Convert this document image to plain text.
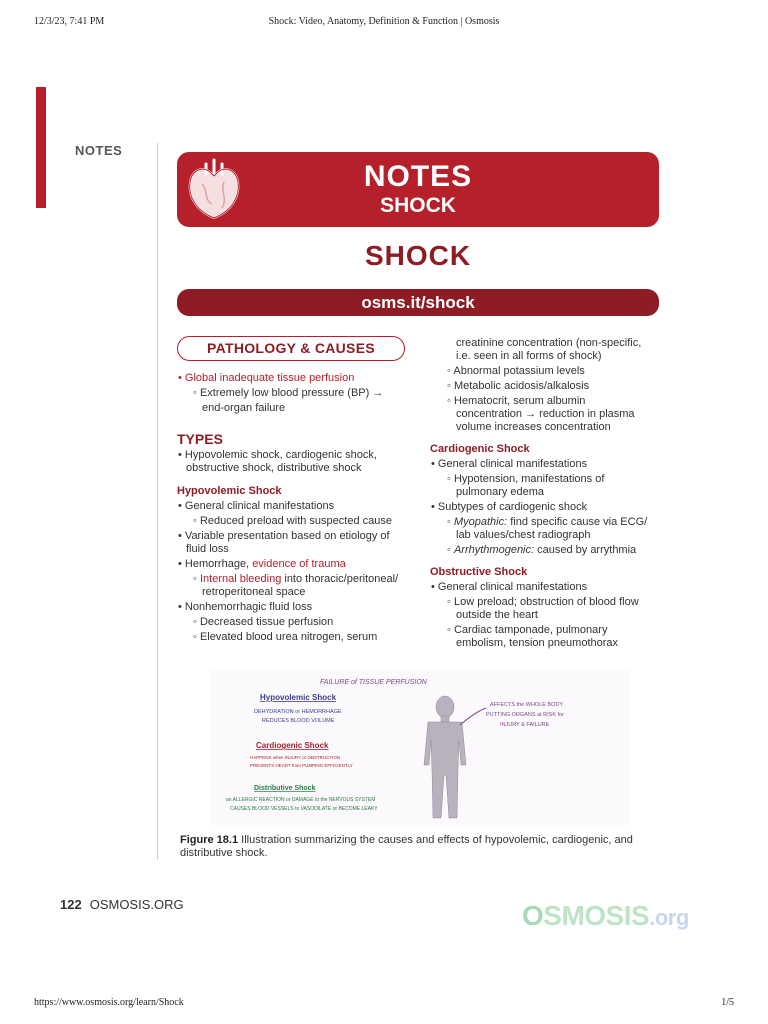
12/3/23, 7:41 PM	Shock: Video, Anatomy, Definition & Function | Osmosis
NOTES
NOTES
SHOCK
SHOCK
osms.it/shock
PATHOLOGY & CAUSES
• Global inadequate tissue perfusion
◦ Extremely low blood pressure (BP) →
end-organ failure
TYPES
• Hypovolemic shock, cardiogenic shock,
obstructive shock, distributive shock
Hypovolemic Shock
• General clinical manifestations
◦ Reduced preload with suspected cause
• Variable presentation based on etiology of
fluid loss
• Hemorrhage, evidence of trauma
◦ Internal bleeding into thoracic/peritoneal/
retroperitoneal space
• Nonhemorrhagic fluid loss
◦ Decreased tissue perfusion
◦ Elevated blood urea nitrogen, serum
creatinine concentration (non-specific,
i.e. seen in all forms of shock)
◦ Abnormal potassium levels
◦ Metabolic acidosis/alkalosis
◦ Hematocrit, serum albumin
concentration → reduction in plasma
volume increases concentration
Cardiogenic Shock
• General clinical manifestations
◦ Hypotension, manifestations of
pulmonary edema
• Subtypes of cardiogenic shock
◦ Myopathic: find specific cause via ECG/
lab values/chest radiograph
◦ Arrhythmogenic: caused by arrythmia
Obstructive Shock
• General clinical manifestations
◦ Low preload; obstruction of blood flow
outside the heart
◦ Cardiac tamponade, pulmonary
embolism, tension pneumothorax
FAILURE of TISSUE PERFUSION
Hypovolemic Shock
DEHYDRATION or HEMORRHAGE
REDUCES BLOOD VOLUME
Cardiogenic Shock
HAPPENS when INJURY or OBSTRUCTION
PREVENTS HEART from PUMPING EFFICIENTLY
Distributive Shock
an ALLERGIC REACTION or DAMAGE to the NERVOUS SYSTEM
CAUSES BLOOD VESSELS to VASODILATE or BECOME LEAKY
AFFECTS the WHOLE BODY
PUTTING ORGANS at RISK for
INJURY & FAILURE
Figure 18.1 Illustration summarizing the causes and effects of hypovolemic, cardiogenic, and distributive shock.
122 OSMOSIS.ORG	OSMOSIS.org
https://www.osmosis.org/learn/Shock	1/5
